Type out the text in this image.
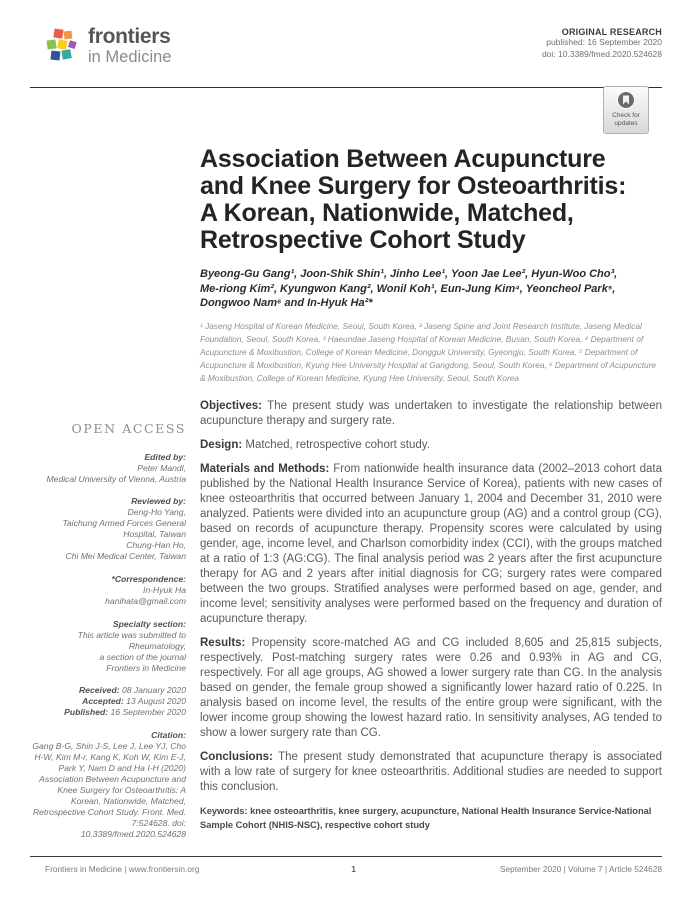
frontiers
in Medicine
ORIGINAL RESEARCH
published: 16 September 2020
doi: 10.3389/fmed.2020.524628
Check for updates
OPEN ACCESS
Edited by:
Peter Mandl,
Medical University of Vienna, Austria
Reviewed by:
Deng-Ho Yang,
Taichung Armed Forces General
Hospital, Taiwan
Chung-Han Ho,
Chi Mei Medical Center, Taiwan
*Correspondence:
In-Hyuk Ha
hanihata@gmail.com
Specialty section:
This article was submitted to
Rheumatology,
a section of the journal
Frontiers in Medicine
Received: 08 January 2020
Accepted: 13 August 2020
Published: 16 September 2020
Citation:
Gang B-G, Shin J-S, Lee J, Lee YJ, Cho H-W, Kim M-r, Kang K, Koh W, Kim E-J, Park Y, Nam D and Ha I-H (2020) Association Between Acupuncture and Knee Surgery for Osteoarthritis: A Korean, Nationwide, Matched, Retrospective Cohort Study. Front. Med. 7:524628. doi: 10.3389/fmed.2020.524628
Association Between Acupuncture
and Knee Surgery for Osteoarthritis:
A Korean, Nationwide, Matched,
Retrospective Cohort Study
Byeong-Gu Gang¹, Joon-Shik Shin¹, Jinho Lee¹, Yoon Jae Lee², Hyun-Woo Cho³,
Me-riong Kim², Kyungwon Kang², Wonil Koh¹, Eun-Jung Kim⁴, Yeoncheol Park⁵,
Dongwoo Nam⁶ and In-Hyuk Ha²*
¹ Jaseng Hospital of Korean Medicine, Seoul, South Korea, ² Jaseng Spine and Joint Research Institute, Jaseng Medical Foundation, Seoul, South Korea, ³ Haeundae Jaseng Hospital of Korean Medicine, Busan, South Korea, ⁴ Department of Acupuncture & Moxibustion, College of Korean Medicine, Dongguk University, Gyeongju, South Korea, ⁵ Department of Acupuncture & Moxibustion, Kyung Hee University Hospital at Gangdong, Seoul, South Korea, ⁶ Department of Acupuncture & Moxibustion, College of Korean Medicine, Kyung Hee University, Seoul, South Korea

Objectives: The present study was undertaken to investigate the relationship between acupuncture therapy and surgery rate.

Design: Matched, retrospective cohort study.

Materials and Methods: From nationwide health insurance data (2002–2013 cohort data published by the National Health Insurance Service of Korea), patients with new cases of knee osteoarthritis that occurred between January 1, 2004 and December 31, 2010 were analyzed. Patients were divided into an acupuncture group (AG) and a control group (CG), based on records of acupuncture therapy. Propensity scores were calculated by using gender, age, income level, and Charlson comorbidity index (CCI), with the groups matched at a ratio of 1:3 (AG:CG). The final analysis period was 2 years after the first acupuncture therapy for AG and 2 years after initial diagnosis for CG; surgery rates were compared between the two groups. Stratified analyses were performed based on age, gender, and income level; sensitivity analyses were performed based on the frequency and duration of acupuncture therapy.

Results: Propensity score-matched AG and CG included 8,605 and 25,815 subjects, respectively. Post-matching surgery rates were 0.26 and 0.93% in AG and CG, respectively. For all age groups, AG showed a lower surgery rate than CG. In the analysis based on gender, the female group showed a significantly lower hazard ratio of 0.225. In analysis based on income level, the results of the entire group were significant, with the lower income group showing the lowest hazard ratio. In sensitivity analyses, AG tended to show a lower surgery rate than CG.

Conclusions: The present study demonstrated that acupuncture therapy is associated with a low rate of surgery for knee osteoarthritis. Additional studies are needed to support this conclusion.

Keywords: knee osteoarthritis, knee surgery, acupuncture, National Health Insurance Service-National Sample Cohort (NHIS-NSC), respective cohort study
1
Frontiers in Medicine | www.frontiersin.org	September 2020 | Volume 7 | Article 524628
